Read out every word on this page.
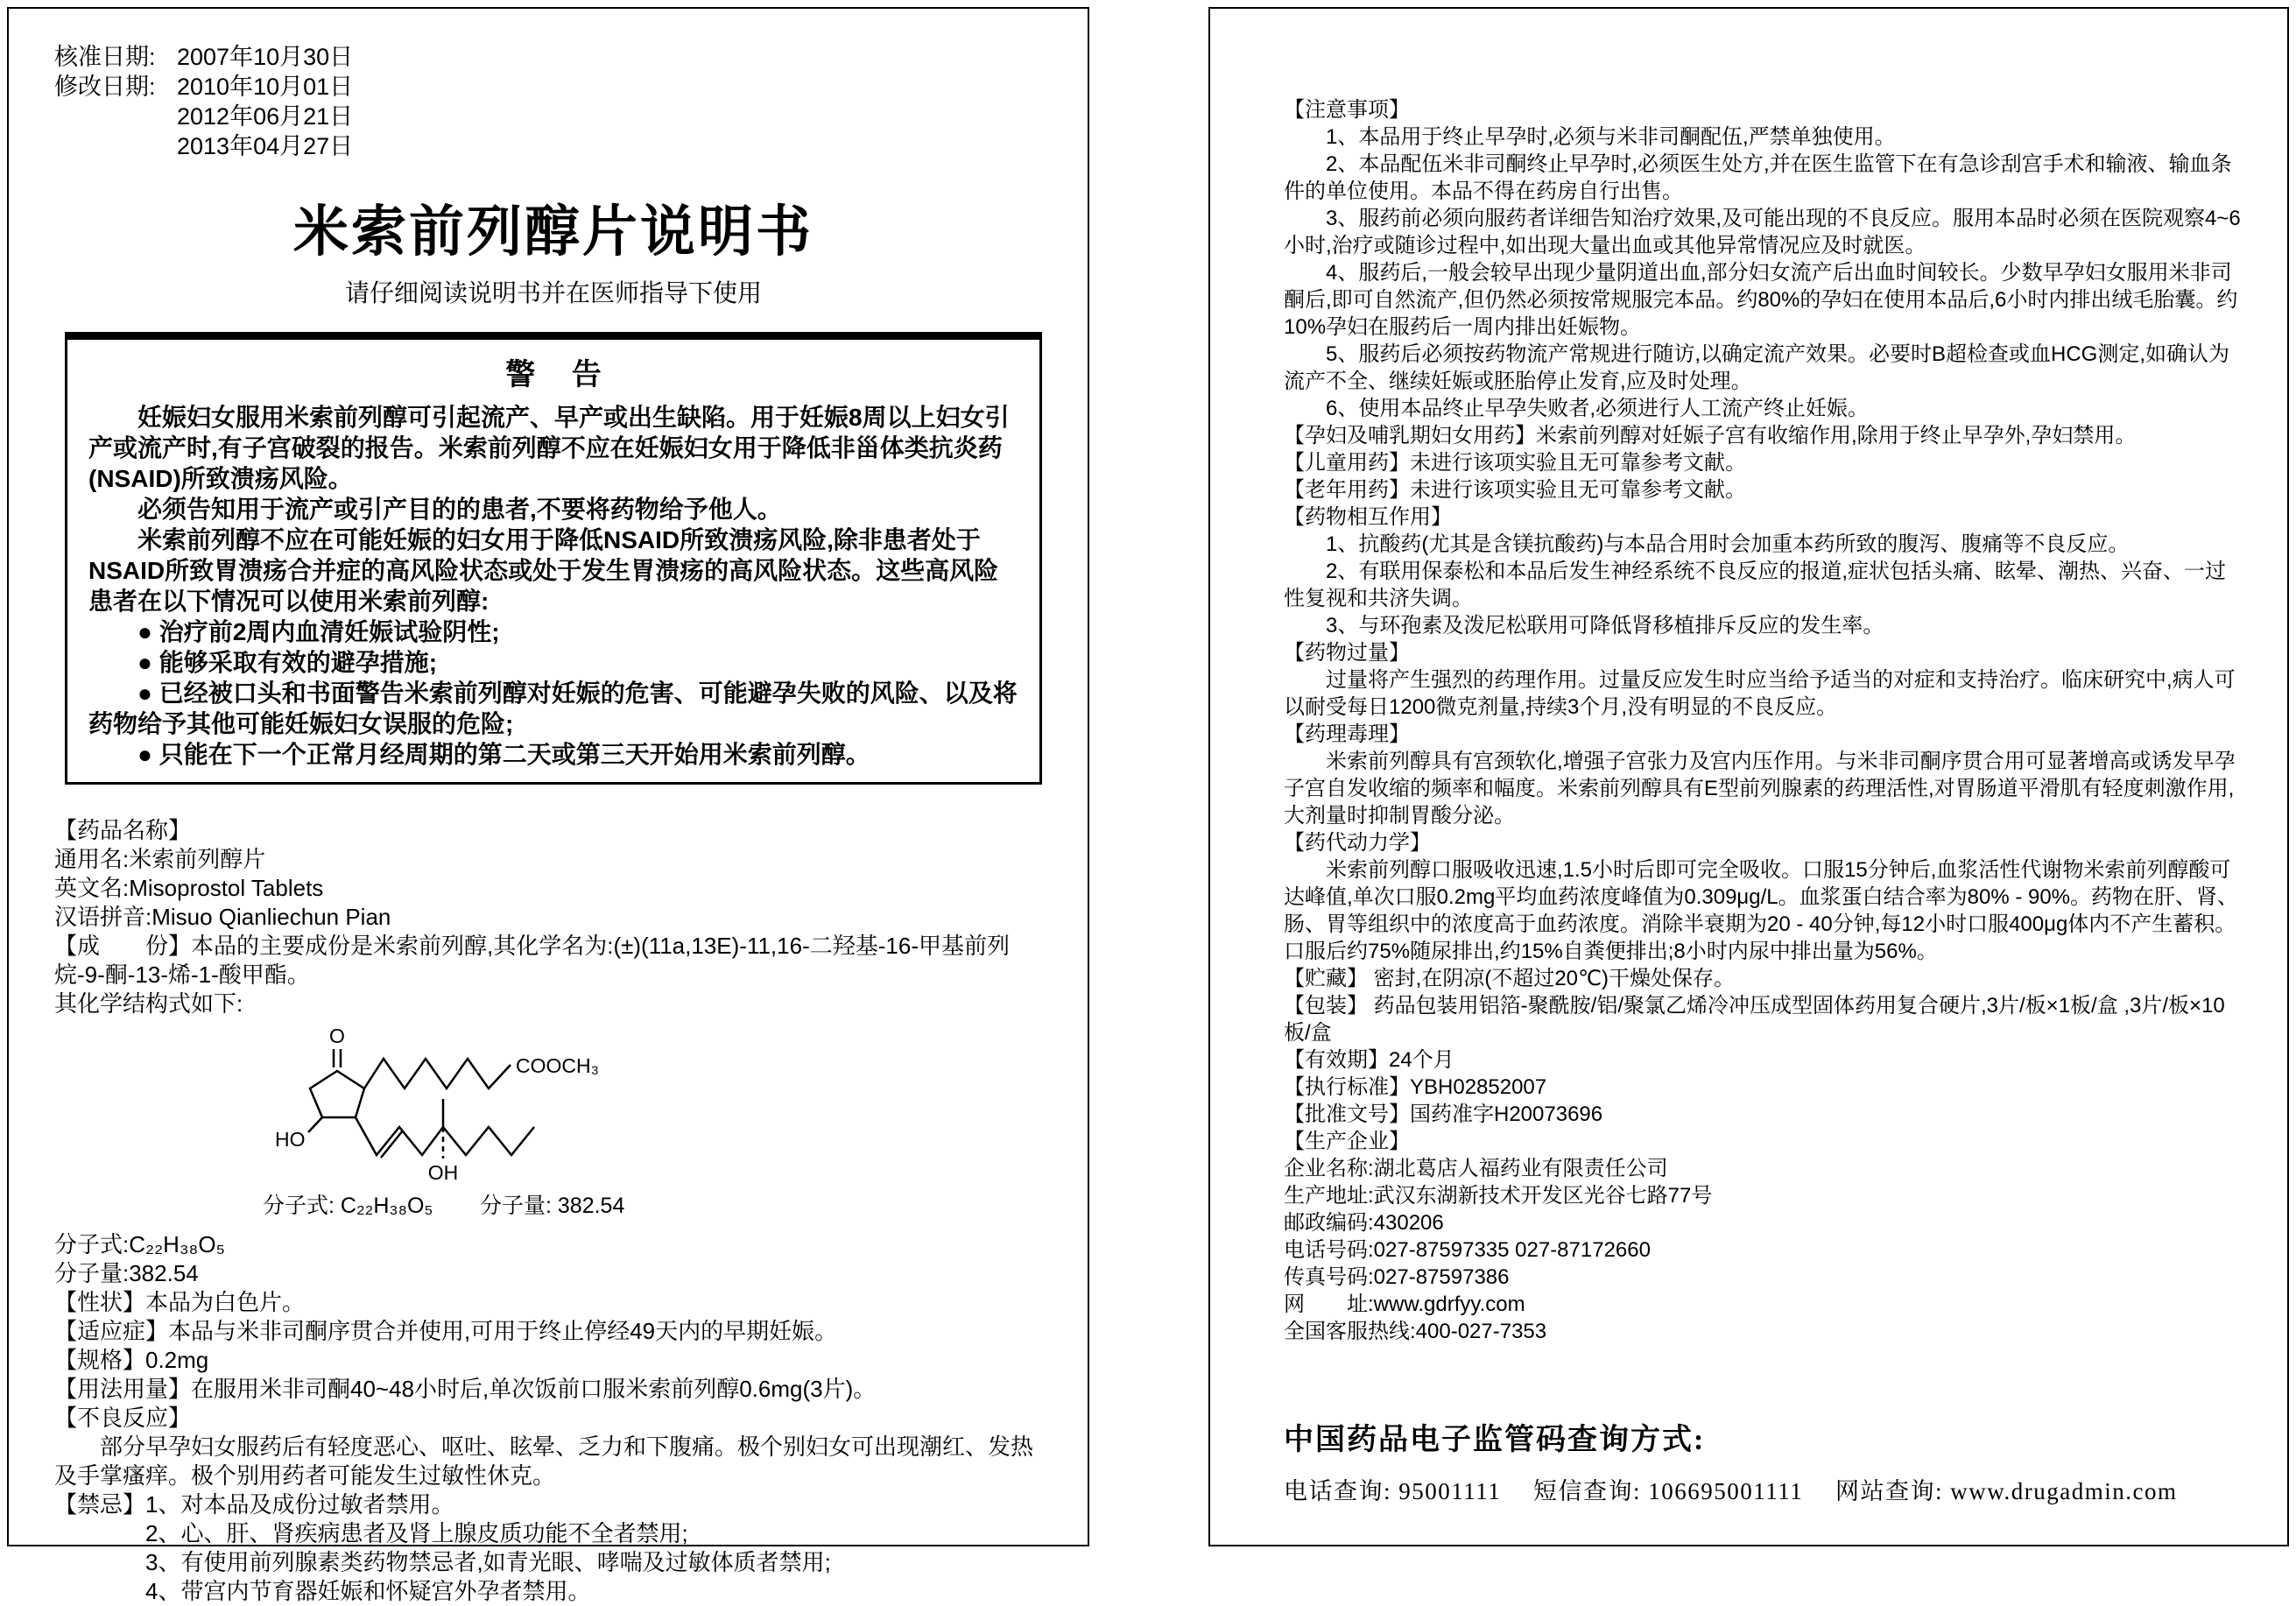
核准日期: 2007年10月30日
修改日期: 2010年10月01日
2012年06月21日
2013年04月27日
米索前列醇片说明书
请仔细阅读说明书并在医师指导下使用
警 告

妊娠妇女服用米索前列醇可引起流产、早产或出生缺陷。用于妊娠8周以上妇女引产或流产时,有子宫破裂的报告。米索前列醇不应在妊娠妇女用于降低非甾体类抗炎药(NSAID)所致溃疡风险。

必须告知用于流产或引产目的的患者,不要将药物给予他人。

米索前列醇不应在可能妊娠的妇女用于降低NSAID所致溃疡风险,除非患者处于NSAID所致胃溃疡合并症的高风险状态或处于发生胃溃疡的高风险状态。这些高风险患者在以下情况可以使用米索前列醇:

● 治疗前2周内血清妊娠试验阴性;

● 能够采取有效的避孕措施;

● 已经被口头和书面警告米索前列醇对妊娠的危害、可能避孕失败的风险、以及将药物给予其他可能妊娠妇女误服的危险;

● 只能在下一个正常月经周期的第二天或第三天开始用米索前列醇。

【药品名称】

通用名:米索前列醇片

英文名:Misoprostol Tablets

汉语拼音:Misuo Qianliechun Pian

【成　　份】本品的主要成份是米索前列醇,其化学名为:(±)(11a,13E)-11,16-二羟基-16-甲基前列烷-9-酮-13-烯-1-酸甲酯。

其化学结构式如下:

O
HO
COOCH₃
OH
分子式: C₂₂H₃₈O₅ 分子量: 382.54

分子式:C₂₂H₃₈O₅

分子量:382.54

【性状】本品为白色片。

【适应症】本品与米非司酮序贯合并使用,可用于终止停经49天内的早期妊娠。

【规格】0.2mg

【用法用量】在服用米非司酮40~48小时后,单次饭前口服米索前列醇0.6mg(3片)。

【不良反应】

部分早孕妇女服药后有轻度恶心、呕吐、眩晕、乏力和下腹痛。极个别妇女可出现潮红、发热及手掌瘙痒。极个别用药者可能发生过敏性休克。

【禁忌】1、对本品及成份过敏者禁用。

2、心、肝、肾疾病患者及肾上腺皮质功能不全者禁用;

3、有使用前列腺素类药物禁忌者,如青光眼、哮喘及过敏体质者禁用;

4、带宫内节育器妊娠和怀疑宫外孕者禁用。

【注意事项】

1、本品用于终止早孕时,必须与米非司酮配伍,严禁单独使用。

2、本品配伍米非司酮终止早孕时,必须医生处方,并在医生监管下在有急诊刮宫手术和输液、输血条件的单位使用。本品不得在药房自行出售。

3、服药前必须向服药者详细告知治疗效果,及可能出现的不良反应。服用本品时必须在医院观察4~6小时,治疗或随诊过程中,如出现大量出血或其他异常情况应及时就医。

4、服药后,一般会较早出现少量阴道出血,部分妇女流产后出血时间较长。少数早孕妇女服用米非司酮后,即可自然流产,但仍然必须按常规服完本品。约80%的孕妇在使用本品后,6小时内排出绒毛胎囊。约10%孕妇在服药后一周内排出妊娠物。

5、服药后必须按药物流产常规进行随访,以确定流产效果。必要时B超检查或血HCG测定,如确认为流产不全、继续妊娠或胚胎停止发育,应及时处理。

6、使用本品终止早孕失败者,必须进行人工流产终止妊娠。

【孕妇及哺乳期妇女用药】米索前列醇对妊娠子宫有收缩作用,除用于终止早孕外,孕妇禁用。

【儿童用药】未进行该项实验且无可靠参考文献。

【老年用药】未进行该项实验且无可靠参考文献。

【药物相互作用】

1、抗酸药(尤其是含镁抗酸药)与本品合用时会加重本药所致的腹泻、腹痛等不良反应。

2、有联用保泰松和本品后发生神经系统不良反应的报道,症状包括头痛、眩晕、潮热、兴奋、一过性复视和共济失调。

3、与环孢素及泼尼松联用可降低肾移植排斥反应的发生率。

【药物过量】

过量将产生强烈的药理作用。过量反应发生时应当给予适当的对症和支持治疗。临床研究中,病人可以耐受每日1200微克剂量,持续3个月,没有明显的不良反应。

【药理毒理】

米索前列醇具有宫颈软化,增强子宫张力及宫内压作用。与米非司酮序贯合用可显著增高或诱发早孕子宫自发收缩的频率和幅度。米索前列醇具有E型前列腺素的药理活性,对胃肠道平滑肌有轻度刺激作用,大剂量时抑制胃酸分泌。

【药代动力学】

米索前列醇口服吸收迅速,1.5小时后即可完全吸收。口服15分钟后,血浆活性代谢物米索前列醇酸可达峰值,单次口服0.2mg平均血药浓度峰值为0.309μg/L。血浆蛋白结合率为80% - 90%。药物在肝、肾、肠、胃等组织中的浓度高于血药浓度。消除半衰期为20 - 40分钟,每12小时口服400μg体内不产生蓄积。口服后约75%随尿排出,约15%自粪便排出;8小时内尿中排出量为56%。

【贮藏】 密封,在阴凉(不超过20℃)干燥处保存。

【包装】 药品包装用铝箔-聚酰胺/铝/聚氯乙烯冷冲压成型固体药用复合硬片,3片/板×1板/盒 ,3片/板×10板/盒

【有效期】24个月

【执行标准】YBH02852007

【批准文号】国药准字H20073696

【生产企业】

企业名称:湖北葛店人福药业有限责任公司

生产地址:武汉东湖新技术开发区光谷七路77号

邮政编码:430206

电话号码:027-87597335 027-87172660

传真号码:027-87597386

网　　址:www.gdrfyy.com

全国客服热线:400-027-7353

中国药品电子监管码查询方式:

电话查询: 95001111　 短信查询: 106695001111　 网站查询: www.drugadmin.com
